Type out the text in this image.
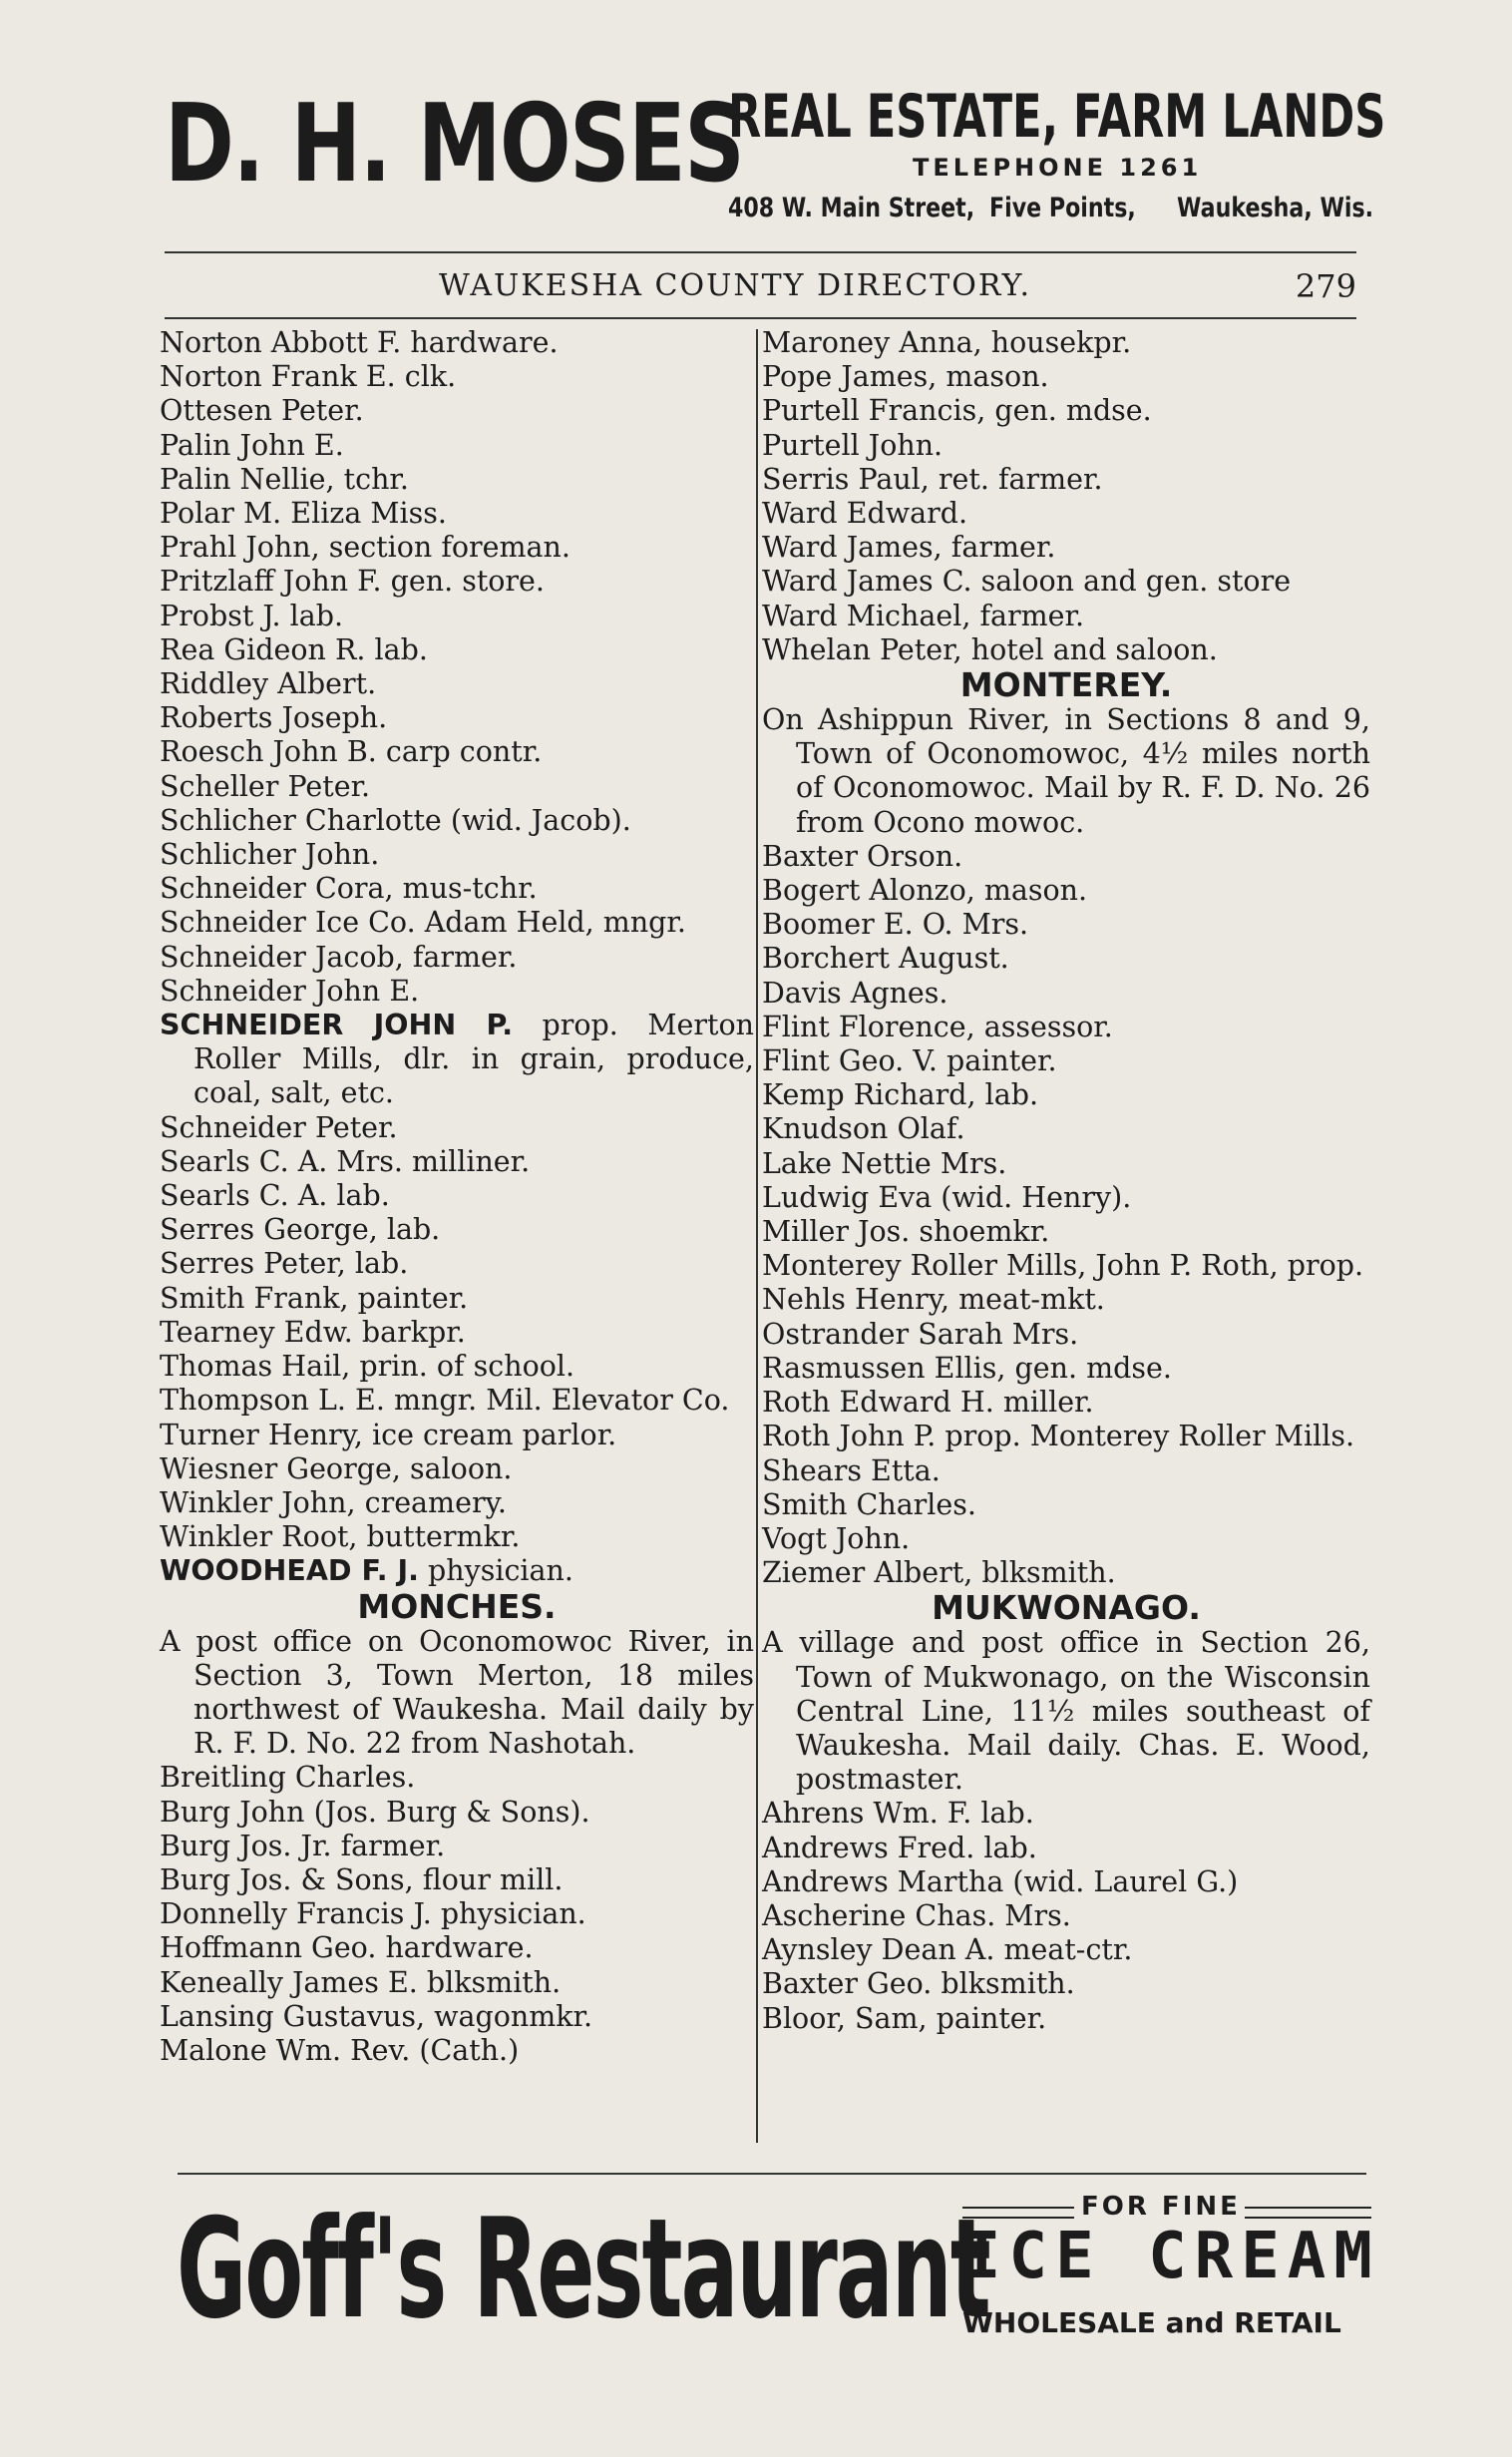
D. H. MOSES
REAL ESTATE, FARM LANDS
TELEPHONE 1261
408 W. Main Street, Five Points, Waukesha, Wis.
WAUKESHA COUNTY DIRECTORY.	279
Norton Abbott F. hardware.
Norton Frank E. clk.
Ottesen Peter.
Palin John E.
Palin Nellie, tchr.
Polar M. Eliza Miss.
Prahl John, section foreman.
Pritzlaff John F. gen. store.
Probst J. lab.
Rea Gideon R. lab.
Riddley Albert.
Roberts Joseph.
Roesch John B. carp contr.
Scheller Peter.
Schlicher Charlotte (wid. Jacob).
Schlicher John.
Schneider Cora, mus-tchr.
Schneider Ice Co. Adam Held, mngr.
Schneider Jacob, farmer.
Schneider John E.
SCHNEIDER JOHN P. prop. Merton Roller Mills, dlr. in grain, produce, coal, salt, etc.
Schneider Peter.
Searls C. A. Mrs. milliner.
Searls C. A. lab.
Serres George, lab.
Serres Peter, lab.
Smith Frank, painter.
Tearney Edw. barkpr.
Thomas Hail, prin. of school.
Thompson L. E. mngr. Mil. Elevator Co.
Turner Henry, ice cream parlor.
Wiesner George, saloon.
Winkler John, creamery.
Winkler Root, buttermkr.
WOODHEAD F. J. physician.
MONCHES.
A post office on Oconomowoc River, in Section 3, Town Merton, 18 miles northwest of Waukesha. Mail daily by R. F. D. No. 22 from Nashotah.
Breitling Charles.
Burg John (Jos. Burg & Sons).
Burg Jos. Jr. farmer.
Burg Jos. & Sons, flour mill.
Donnelly Francis J. physician.
Hoffmann Geo. hardware.
Keneally James E. blksmith.
Lansing Gustavus, wagonmkr.
Malone Wm. Rev. (Cath.)
Maroney Anna, housekpr.
Pope James, mason.
Purtell Francis, gen. mdse.
Purtell John.
Serris Paul, ret. farmer.
Ward Edward.
Ward James, farmer.
Ward James C. saloon and gen. store
Ward Michael, farmer.
Whelan Peter, hotel and saloon.
MONTEREY.
On Ashippun River, in Sections 8 and 9, Town of Oconomowoc, 4½ miles north of Oconomowoc. Mail by R. F. D. No. 26 from Ocono mowoc.
Baxter Orson.
Bogert Alonzo, mason.
Boomer E. O. Mrs.
Borchert August.
Davis Agnes.
Flint Florence, assessor.
Flint Geo. V. painter.
Kemp Richard, lab.
Knudson Olaf.
Lake Nettie Mrs.
Ludwig Eva (wid. Henry).
Miller Jos. shoemkr.
Monterey Roller Mills, John P. Roth, prop.
Nehls Henry, meat-mkt.
Ostrander Sarah Mrs.
Rasmussen Ellis, gen. mdse.
Roth Edward H. miller.
Roth John P. prop. Monterey Roller Mills.
Shears Etta.
Smith Charles.
Vogt John.
Ziemer Albert, blksmith.
MUKWONAGO.
A village and post office in Section 26, Town of Mukwonago, on the Wisconsin Central Line, 11½ miles southeast of Waukesha. Mail daily. Chas. E. Wood, postmaster.
Ahrens Wm. F. lab.
Andrews Fred. lab.
Andrews Martha (wid. Laurel G.)
Ascherine Chas. Mrs.
Aynsley Dean A. meat-ctr.
Baxter Geo. blksmith.
Bloor, Sam, painter.
Goff's Restaurant	FOR FINE
ICE CREAM
WHOLESALE and RETAIL
